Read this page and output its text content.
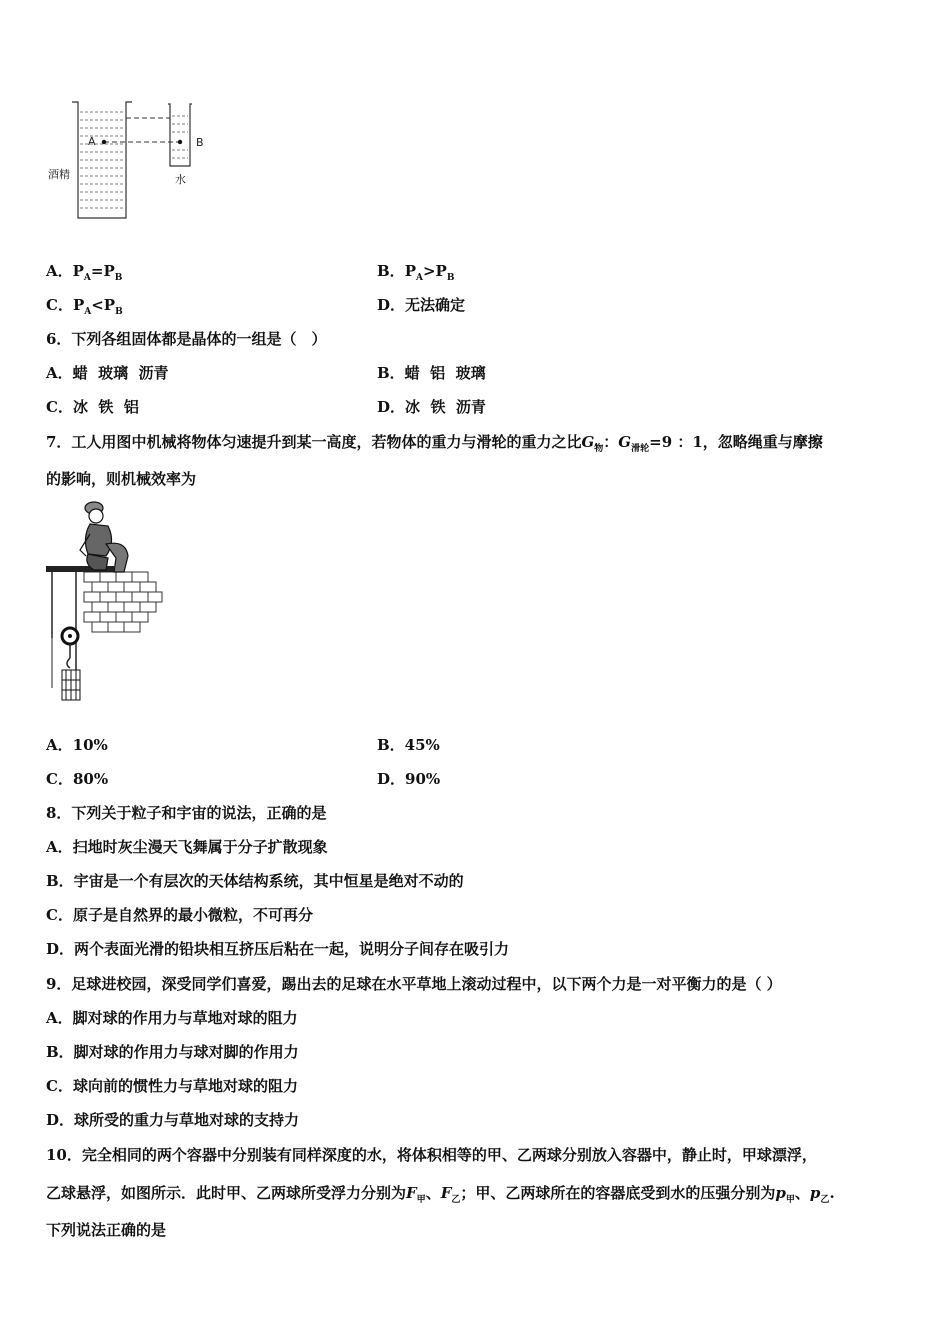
A	B
酒精	水
A．$P_A=P_B$	B．$P_A>P_B$
C．$P_A<P_B$	D．无法确定
6．下列各组固体都是晶体的一组是（　）
A．蜡  玻璃  沥青	B．蜡  铝  玻璃
C．冰  铁  铝	D．冰  铁  沥青
7．工人用图中机械将物体匀速提升到某一高度，若物体的重力与滑轮的重力之比$G_物$：$G_{滑轮}=9$ ：1，忽略绳重与摩擦
的影响，则机械效率为
A．10%	B．45%
C．80%	D．90%
8．下列关于粒子和宇宙的说法，正确的是
A．扫地时灰尘漫天飞舞属于分子扩散现象
B．宇宙是一个有层次的天体结构系统，其中恒星是绝对不动的
C．原子是自然界的最小微粒，不可再分
D．两个表面光滑的铅块相互挤压后粘在一起，说明分子间存在吸引力
9．足球进校园，深受同学们喜爱，踢出去的足球在水平草地上滚动过程中，以下两个力是一对平衡力的是（ ）
A．脚对球的作用力与草地对球的阻力
B．脚对球的作用力与球对脚的作用力
C．球向前的惯性力与草地对球的阻力
D．球所受的重力与草地对球的支持力
10．完全相同的两个容器中分别装有同样深度的水，将体积相等的甲、乙两球分别放入容器中，静止时，甲球漂浮，
乙球悬浮，如图所示．此时甲、乙两球所受浮力分别为$F_甲$、$F_乙$；甲、乙两球所在的容器底受到水的压强分别为$p_甲$、$p_乙$.
下列说法正确的是
